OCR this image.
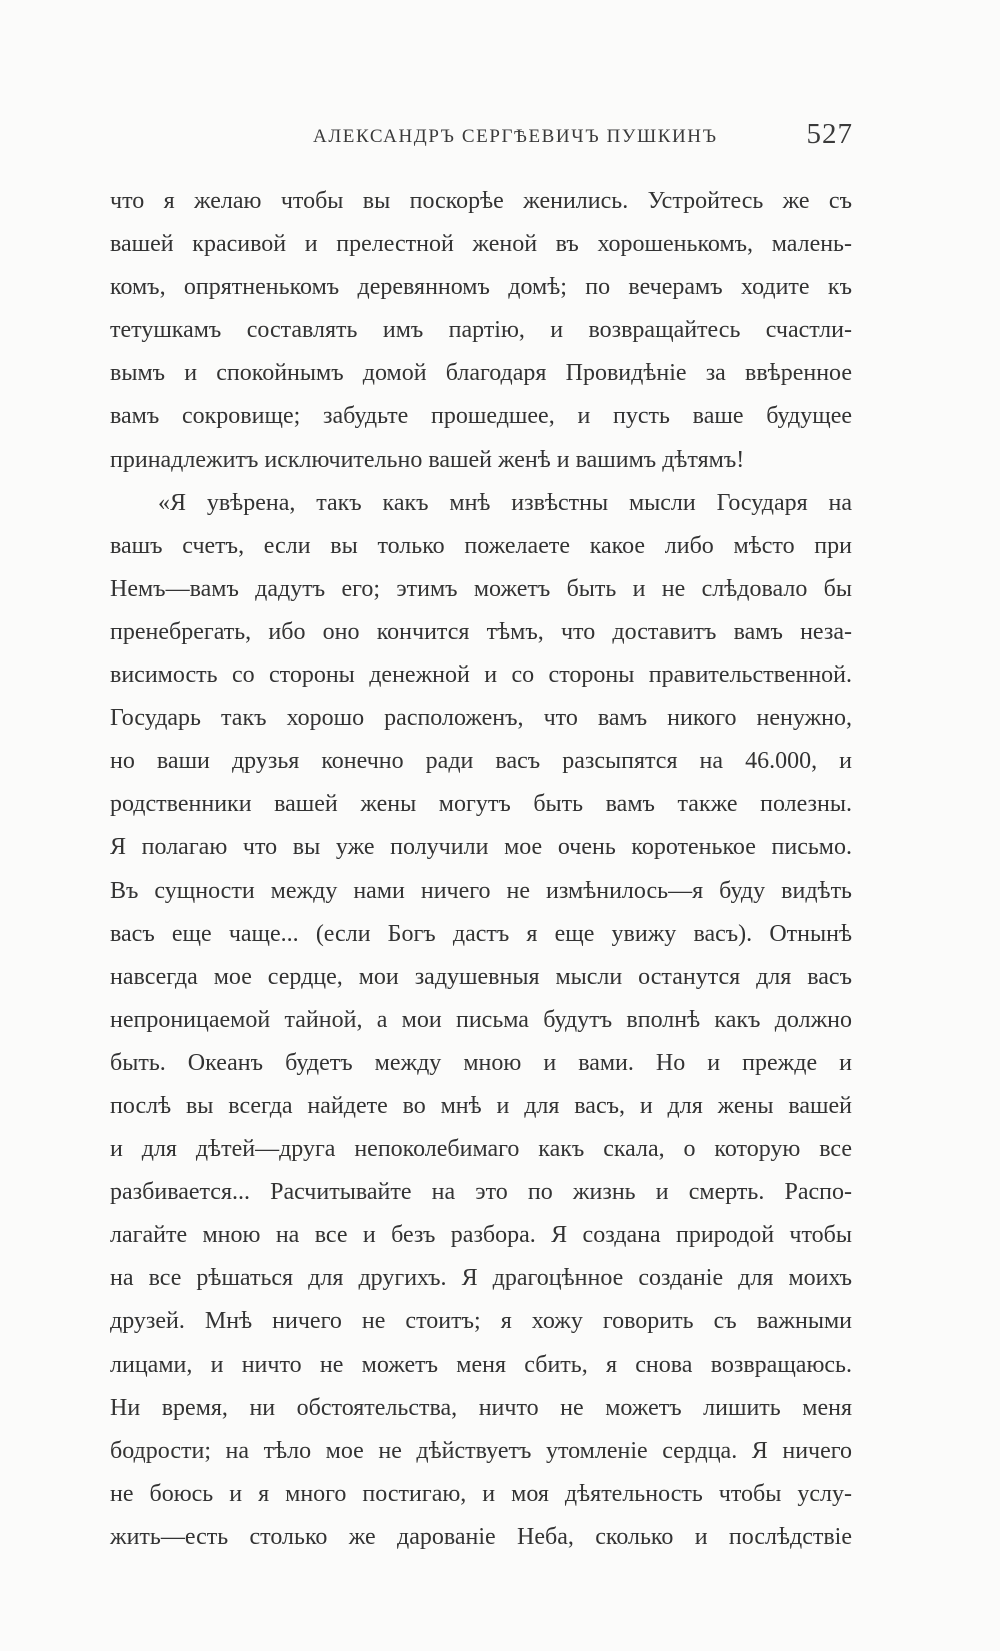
АЛЕКСАНДРЪ СЕРГѢЕВИЧЪ ПУШКИНЪ	527
что я желаю чтобы вы поскорѣе женились. Устройтесь же съ
вашей красивой и прелестной женой въ хорошенькомъ, малень-
комъ, опрятненькомъ деревянномъ домѣ; по вечерамъ ходите къ
тетушкамъ составлять имъ партію, и возвращайтесь счастли-
вымъ и спокойнымъ домой благодаря Провидѣніе за ввѣренное
вамъ сокровище; забудьте прошедшее, и пусть ваше будущее
принадлежитъ исключительно вашей женѣ и вашимъ дѣтямъ!
«Я увѣрена, такъ какъ мнѣ извѣстны мысли Государя на
вашъ счетъ, если вы только пожелаете какое либо мѣсто при
Немъ—вамъ дадутъ его; этимъ можетъ быть и не слѣдовало бы
пренебрегать, ибо оно кончится тѣмъ, что доставитъ вамъ неза-
висимость со стороны денежной и со стороны правительственной.
Государь такъ хорошо расположенъ, что вамъ никого ненужно,
но ваши друзья конечно ради васъ разсыпятся на 46.000, и
родственники вашей жены могутъ быть вамъ также полезны.
Я полагаю что вы уже получили мое очень коротенькое письмо.
Въ сущности между нами ничего не измѣнилось—я буду видѣть
васъ еще чаще... (если Богъ дастъ я еще увижу васъ). Отнынѣ
навсегда мое сердце, мои задушевныя мысли останутся для васъ
непроницаемой тайной, а мои письма будутъ вполнѣ какъ должно
быть. Океанъ будетъ между мною и вами. Но и прежде и
послѣ вы всегда найдете во мнѣ и для васъ, и для жены вашей
и для дѣтей—друга непоколебимаго какъ скала, о которую все
разбивается... Расчитывайте на это по жизнь и смерть. Распо-
лагайте мною на все и безъ разбора. Я создана природой чтобы
на все рѣшаться для другихъ. Я драгоцѣнное созданіе для моихъ
друзей. Мнѣ ничего не стоитъ; я хожу говорить съ важными
лицами, и ничто не можетъ меня сбить, я снова возвращаюсь.
Ни время, ни обстоятельства, ничто не можетъ лишить меня
бодрости; на тѣло мое не дѣйствуетъ утомленіе сердца. Я ничего
не боюсь и я много постигаю, и моя дѣятельность чтобы услу-
жить—есть столько же дарованіе Неба, сколько и послѣдствіе
